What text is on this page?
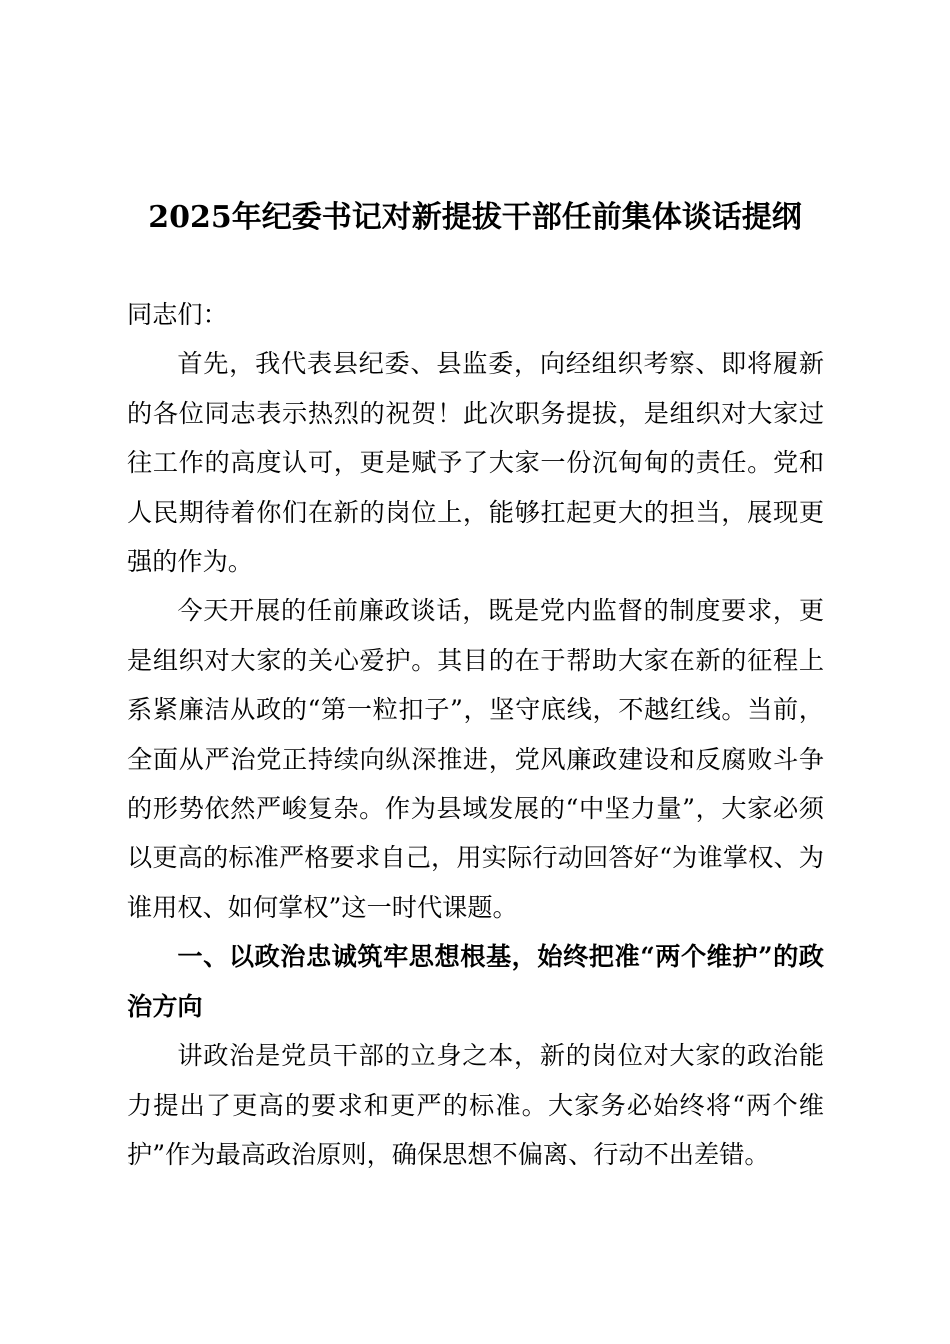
2025年纪委书记对新提拔干部任前集体谈话提纲

同志们：

首先，我代表县纪委、县监委，向经组织考察、即将履新的各位同志表示热烈的祝贺！此次职务提拔，是组织对大家过往工作的高度认可，更是赋予了大家一份沉甸甸的责任。党和人民期待着你们在新的岗位上，能够扛起更大的担当，展现更强的作为。

今天开展的任前廉政谈话，既是党内监督的制度要求，更是组织对大家的关心爱护。其目的在于帮助大家在新的征程上系紧廉洁从政的“第一粒扣子”，坚守底线，不越红线。当前，全面从严治党正持续向纵深推进，党风廉政建设和反腐败斗争的形势依然严峻复杂。作为县域发展的“中坚力量”，大家必须以更高的标准严格要求自己，用实际行动回答好“为谁掌权、为谁用权、如何掌权”这一时代课题。

一、以政治忠诚筑牢思想根基，始终把准“两个维护”的政治方向

讲政治是党员干部的立身之本，新的岗位对大家的政治能力提出了更高的要求和更严的标准。大家务必始终将“两个维护”作为最高政治原则，确保思想不偏离、行动不出差错。
